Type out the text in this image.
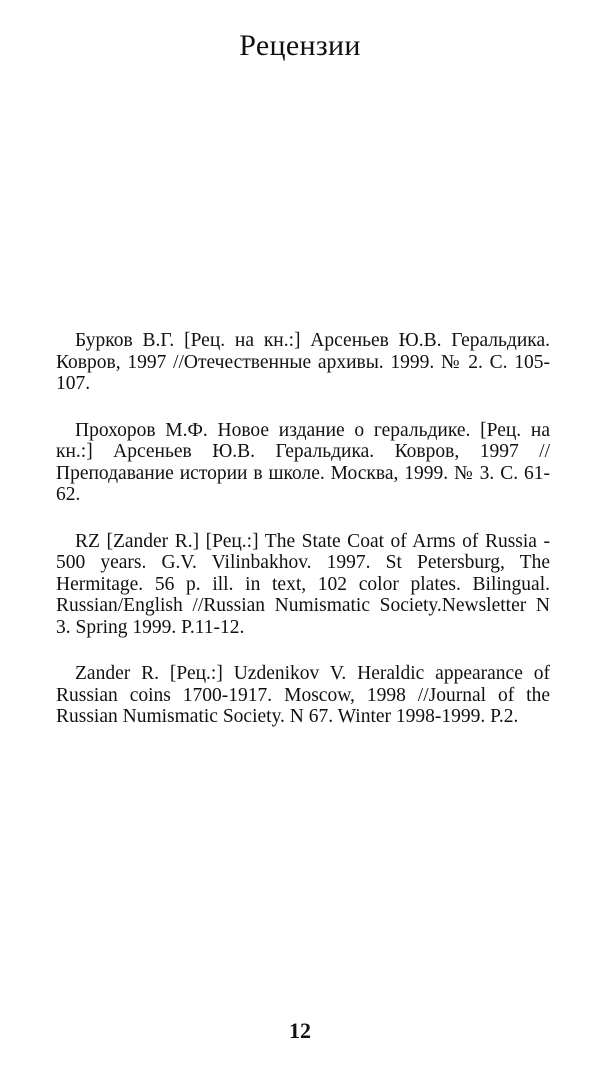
Рецензии

Бурков В.Г. [Рец. на кн.:] Арсеньев Ю.В. Геральдика. Ковров, 1997 //Отечественные архивы. 1999. № 2. С. 105-107.

Прохоров М.Ф. Новое издание о геральдике. [Рец. на кн.:] Арсеньев Ю.В. Геральдика. Ковров, 1997 //Преподавание истории в школе. Москва, 1999. № 3. С. 61-62.

RZ [Zander R.] [Рец.:] The State Coat of Arms of Russia - 500 years. G.V. Vilinbakhov. 1997. St Petersburg, The Hermitage. 56 p. ill. in text, 102 color plates. Bilingual. Russian/English //Russian Numismatic Society.Newsletter N 3. Spring 1999. P.11-12.

Zander R. [Рец.:] Uzdenikov V. Heraldic appearance of Russian coins 1700-1917. Moscow, 1998 //Journal of the Russian Numismatic Society. N 67. Winter 1998-1999. P.2.

12
